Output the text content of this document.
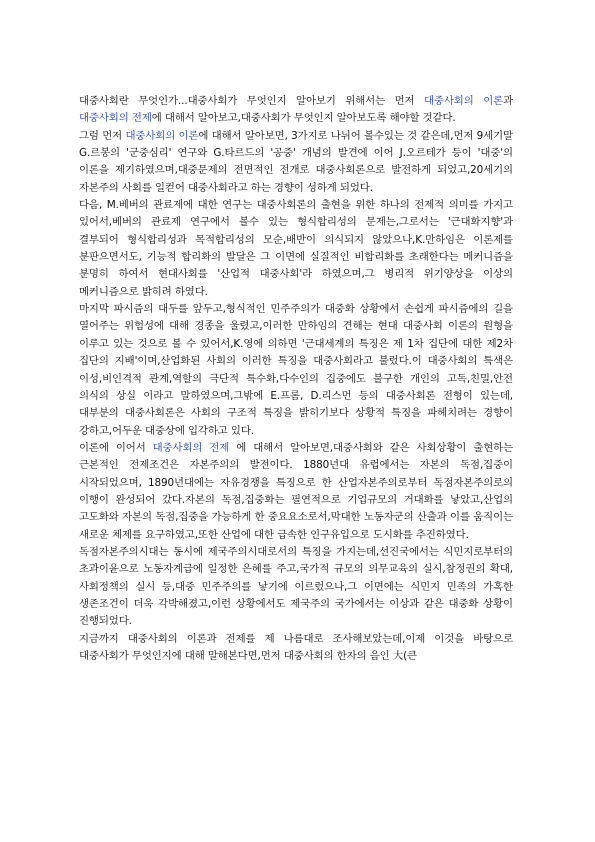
대중사회란 무엇인가...대중사회가 무엇인지 알아보기 위해서는 먼저 대중사회의 이론과 대중사회의 전제에 대해서 알아보고,대중사회가 무엇인지 알아보도록 해야할 것같다.

그럼 먼저 대중사회의 이론에 대해서 알아보면, 3가지로 나뉘어 볼수있는 것 같은데,먼저 9세기말 G.르봉의 '군중심리' 연구와 G.타르드의 '공중' 개념의 발견에 이어 J.오르테가 등이 '대중'의 이론을 제기하였으며,대중문제의 전면적인 전개로 대중사회론으로 발전하게 되었고,20세기의 자본주의 사회를 일컫어 대중사회라고 하는 경향이 성하게 되었다.

다음, M.베버의 관료제에 대한 연구는 대중사회론의 출현을 위한 하나의 전제적 의미를 가지고 있어서,베버의 관료제 연구에서 볼수 있는 형식합리성의 문제는,그로서는 '근대화지향'과 결부되어 형식합리성과 목적합리성의 모순,배반이 의식되지 않았으나,K.만하임은 이론제를 분판으면서도, 기능적 합리화의 발달은 그 이면에 실질적인 비합리화를 초래한다는 메커니즘을 분명히 하여서 현대사회를 '산업적 대중사회'라 하였으며,그 병리적 위기양상을 이상의 메커니즘으로 밝히려 하였다.

마지막 파시즘의 대두를 앞두고,형식적인 민주주의가 대중화 상황에서 손쉽게 파시즘에의 길을 열어주는 위험성에 대해 경종을 울렸고,이러한 만하임의 견해는 현대 대중사회 이론의 원형을 이루고 있는 것으로 볼 수 있어서,K.영에 의하면 '근대세계의 특징은 제 1차 집단에 대한 제2차 집단의 지배'이며,산업화된 사회의 이러한 특징을 대중사회라고 불렀다.이 대중사회의 특색은 이성,비인격적 관계,역할의 극단적 특수화,다수인의 집중에도 불구한 개인의 고독,친밀,안전 의식의 상실 이라고 말하였으며,그밖에 E.프롬, D.리스먼 등의 대중사회론 전형이 있는데,대부분의 대중사회론은 사회의 구조적 특징을 밝히기보다 상황적 특징을 파헤치려는 경향이 강하고,어두운 대중상에 입각하고 있다.

이론에 이어서 대중사회의 전제 에 대해서 알아보면,대중사회와 같은 사회상황이 출현하는 근본적인 전제조건은 자본주의의 발전이다. 1880년대 유럽에서는 자본의 독점,집중이 시작되었으며, 1890년대에는 자유경쟁을 특징으로 한 산업자본주의로부터 독점자본주의로의 이행이 완성되어 갔다.자본의 독점,집중화는 필연적으로 기업규모의 거대화를 낳았고,산업의 고도화와 자본의 독점,집중을 가능하게 한 중요요소로서,막대한 노동자군의 산출과 이를 움직이는 새로운 체제를 요구하였고,또한 산업에 대한 급속한 인구유입으로 도시화를 추진하였다.

독점자본주의시대는 동시에 제국주의시대로서의 특징을 가지는데,선진국에서는 식민지로부터의 초과이윤으로 노동자계급에 일정한 은혜를 주고,국가적 규모의 의무교육의 실시,참정권의 확대,사회정책의 실시 등,대중 민주주의를 낳기에 이르렀으나,그 이면에는 식민지 민족의 가혹한 생존조건이 더욱 각박해졌고,이런 상황에서도 제국주의 국가에서는 이상과 같은 대중화 상황이 진행되었다.

지금까지 대중사회의 이론과 전제를 제 나름대로 조사해보았는데,이제 이것을 바탕으로 대중사회가 무엇인지에 대해 말해본다면,먼저 대중사회의 한자의 음인 大(큰
